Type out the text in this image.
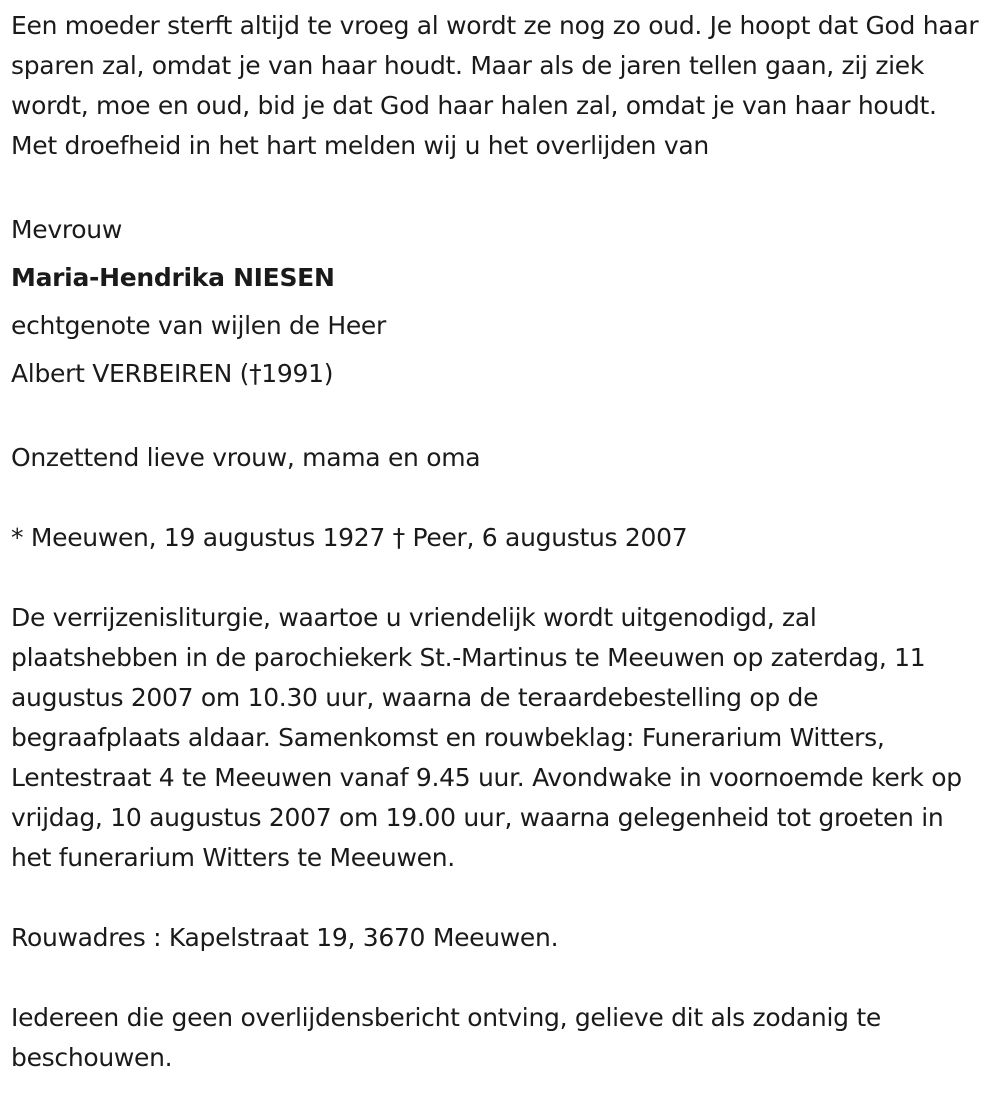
Een moeder sterft altijd te vroeg al wordt ze nog zo oud. Je hoopt dat God haar sparen zal, omdat je van haar houdt. Maar als de jaren tellen gaan, zij ziek wordt, moe en oud, bid je dat God haar halen zal, omdat je van haar houdt. Met droefheid in het hart melden wij u het overlijden van

Mevrouw

Maria-Hendrika NIESEN

echtgenote van wijlen de Heer

Albert VERBEIREN (†1991)

Onzettend lieve vrouw, mama en oma

* Meeuwen, 19 augustus 1927 † Peer, 6 augustus 2007

De verrijzenisliturgie, waartoe u vriendelijk wordt uitgenodigd, zal plaatshebben in de parochiekerk St.-Martinus te Meeuwen op zaterdag, 11 augustus 2007 om 10.30 uur, waarna de teraardebestelling op de begraafplaats aldaar. Samenkomst en rouwbeklag: Funerarium Witters, Lentestraat 4 te Meeuwen vanaf 9.45 uur. Avondwake in voornoemde kerk op vrijdag, 10 augustus 2007 om 19.00 uur, waarna gelegenheid tot groeten in het funerarium Witters te Meeuwen.

Rouwadres : Kapelstraat 19, 3670 Meeuwen.

Iedereen die geen overlijdensbericht ontving, gelieve dit als zodanig te beschouwen.
